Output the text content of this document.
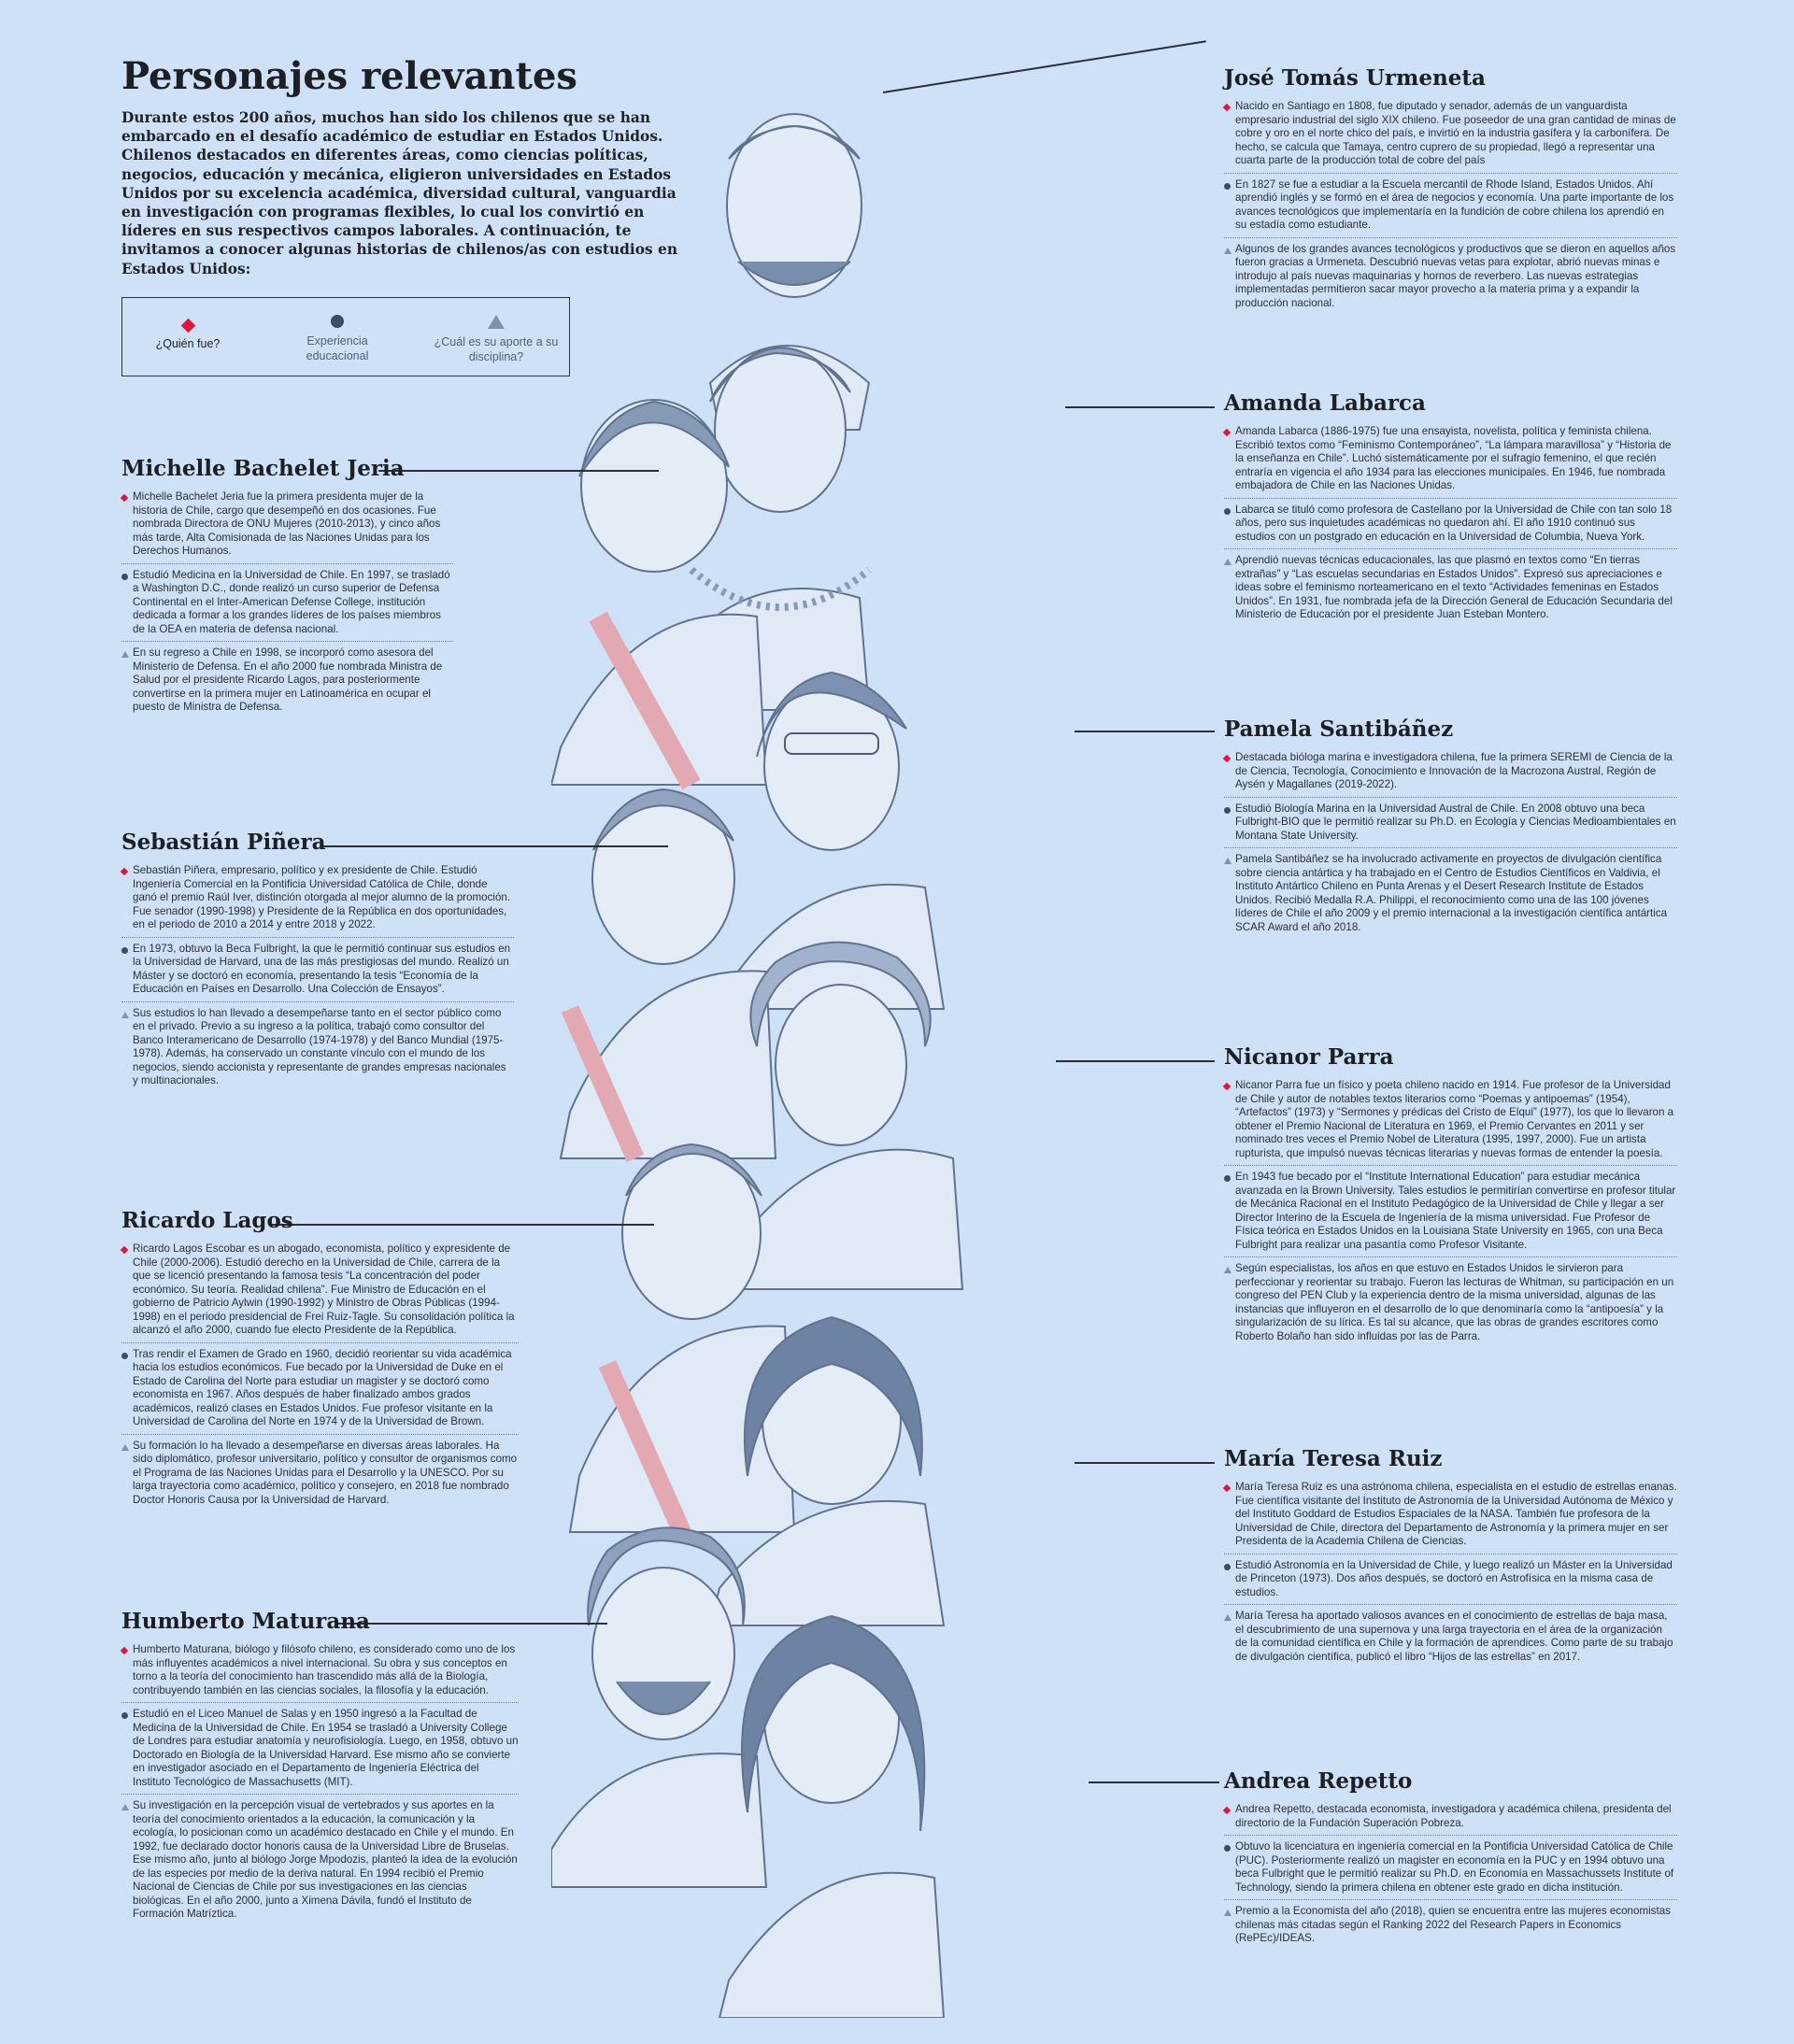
Personajes relevantes

Durante estos 200 años, muchos han sido los chilenos que se han embarcado en el desafío académico de estudiar en Estados Unidos. Chilenos destacados en diferentes áreas, como ciencias políticas, negocios, educación y mecánica, eligieron universidades en Estados Unidos por su excelencia académica, diversidad cultural, vanguardia en investigación con programas flexibles, lo cual los convirtió en líderes en sus respectivos campos laborales. A continuación, te invitamos a conocer algunas historias de chilenos/as con estudios en Estados Unidos:

¿Quién fue?	Experiencia educacional
¿Cuál es su aporte a su disciplina?
José Tomás Urmeneta

Nacido en Santiago en 1808, fue diputado y senador, además de un vanguardista empresario industrial del siglo XIX chileno. Fue poseedor de una gran cantidad de minas de cobre y oro en el norte chico del país, e invirtió en la industria gasífera y la carbonífera. De hecho, se calcula que Tamaya, centro cuprero de su propiedad, llegó a representar una cuarta parte de la producción total de cobre del país

En 1827 se fue a estudiar a la Escuela mercantil de Rhode Island, Estados Unidos. Ahí aprendió inglés y se formó en el área de negocios y economía. Una parte importante de los avances tecnológicos que implementaría en la fundición de cobre chilena los aprendió en su estadía como estudiante.

Algunos de los grandes avances tecnológicos y productivos que se dieron en aquellos años fueron gracias a Urmeneta. Descubrió nuevas vetas para explotar, abrió nuevas minas e introdujo al país nuevas maquinarias y hornos de reverbero. Las nuevas estrategias implementadas permitieron sacar mayor provecho a la materia prima y a expandir la producción nacional.

Amanda Labarca

Amanda Labarca (1886-1975) fue una ensayista, novelista, política y feminista chilena. Escribió textos como “Feminismo Contemporáneo”, “La lámpara maravillosa” y “Historia de la enseñanza en Chile”. Luchó sistemáticamente por el sufragio femenino, el que recién entraría en vigencia el año 1934 para las elecciones municipales. En 1946, fue nombrada embajadora de Chile en las Naciones Unidas.

Labarca se tituló como profesora de Castellano por la Universidad de Chile con tan solo 18 años, pero sus inquietudes académicas no quedaron ahí. El año 1910 continuó sus estudios con un postgrado en educación en la Universidad de Columbia, Nueva York.

Aprendió nuevas técnicas educacionales, las que plasmó en textos como “En tierras extrañas” y “Las escuelas secundarias en Estados Unidos”. Expresó sus apreciaciones e ideas sobre el feminismo norteamericano en el texto “Actividades femeninas en Estados Unidos”. En 1931, fue nombrada jefa de la Dirección General de Educación Secundaria del Ministerio de Educación por el presidente Juan Esteban Montero.

Michelle Bachelet Jeria

Michelle Bachelet Jeria fue la primera presidenta mujer de la historia de Chile, cargo que desempeñó en dos ocasiones. Fue nombrada Directora de ONU Mujeres (2010-2013), y cinco años más tarde, Alta Comisionada de las Naciones Unidas para los Derechos Humanos.

Estudió Medicina en la Universidad de Chile. En 1997, se trasladó a Washington D.C., donde realizó un curso superior de Defensa Continental en el Inter-American Defense College, institución dedicada a formar a los grandes líderes de los países miembros de la OEA en materia de defensa nacional.

En su regreso a Chile en 1998, se incorporó como asesora del Ministerio de Defensa. En el año 2000 fue nombrada Ministra de Salud por el presidente Ricardo Lagos, para posteriormente convertirse en la primera mujer en Latinoamérica en ocupar el puesto de Ministra de Defensa.

Pamela Santibáñez

Destacada bióloga marina e investigadora chilena, fue la primera SEREMI de Ciencia de la de Ciencia, Tecnología, Conocimiento e Innovación de la Macrozona Austral, Región de Aysén y Magallanes (2019-2022).

Estudió Biología Marina en la Universidad Austral de Chile. En 2008 obtuvo una beca Fulbright-BIO que le permitió realizar su Ph.D. en Ecología y Ciencias Medioambientales en Montana State University.

Pamela Santibáñez se ha involucrado activamente en proyectos de divulgación científica sobre ciencia antártica y ha trabajado en el Centro de Estudios Científicos en Valdivia, el Instituto Antártico Chileno en Punta Arenas y el Desert Research Institute de Estados Unidos. Recibió Medalla R.A. Philippi, el reconocimiento como una de las 100 jóvenes líderes de Chile el año 2009 y el premio internacional a la investigación científica antártica SCAR Award el año 2018.

Sebastián Piñera

Sebastián Piñera, empresario, político y ex presidente de Chile. Estudió Ingeniería Comercial en la Pontificia Universidad Católica de Chile, donde ganó el premio Raúl Iver, distinción otorgada al mejor alumno de la promoción. Fue senador (1990-1998) y Presidente de la República en dos oportunidades, en el periodo de 2010 a 2014 y entre 2018 y 2022.

En 1973, obtuvo la Beca Fulbright, la que le permitió continuar sus estudios en la Universidad de Harvard, una de las más prestigiosas del mundo. Realizó un Máster y se doctoró en economía, presentando la tesis “Economía de la Educación en Países en Desarrollo. Una Colección de Ensayos”.

Sus estudios lo han llevado a desempeñarse tanto en el sector público como en el privado. Previo a su ingreso a la política, trabajó como consultor del Banco Interamericano de Desarrollo (1974-1978) y del Banco Mundial (1975-1978). Además, ha conservado un constante vínculo con el mundo de los negocios, siendo accionista y representante de grandes empresas nacionales y multinacionales.

Nicanor Parra

Nicanor Parra fue un físico y poeta chileno nacido en 1914. Fue profesor de la Universidad de Chile y autor de notables textos literarios como “Poemas y antipoemas” (1954), “Artefactos” (1973) y “Sermones y prédicas del Cristo de Elqui” (1977), los que lo llevaron a obtener el Premio Nacional de Literatura en 1969, el Premio Cervantes en 2011 y ser nominado tres veces el Premio Nobel de Literatura (1995, 1997, 2000). Fue un artista rupturista, que impulsó nuevas técnicas literarias y nuevas formas de entender la poesía.

En 1943 fue becado por el “Institute International Education” para estudiar mecánica avanzada en la Brown University. Tales estudios le permitirían convertirse en profesor titular de Mecánica Racional en el Instituto Pedagógico de la Universidad de Chile y llegar a ser Director Interino de la Escuela de Ingeniería de la misma universidad. Fue Profesor de Física teórica en Estados Unidos en la Louisiana State University en 1965, con una Beca Fulbright para realizar una pasantía como Profesor Visitante.

Según especialistas, los años en que estuvo en Estados Unidos le sirvieron para perfeccionar y reorientar su trabajo. Fueron las lecturas de Whitman, su participación en un congreso del PEN Club y la experiencia dentro de la misma universidad, algunas de las instancias que influyeron en el desarrollo de lo que denominaría como la “antipoesía” y la singularización de su lírica. Es tal su alcance, que las obras de grandes escritores como Roberto Bolaño han sido influidas por las de Parra.

Ricardo Lagos

Ricardo Lagos Escobar es un abogado, economista, político y expresidente de Chile (2000-2006). Estudió derecho en la Universidad de Chile, carrera de la que se licenció presentando la famosa tesis “La concentración del poder económico. Su teoría. Realidad chilena”. Fue Ministro de Educación en el gobierno de Patricio Aylwin (1990-1992) y Ministro de Obras Públicas (1994-1998) en el periodo presidencial de Frei Ruiz-Tagle. Su consolidación política la alcanzó el año 2000, cuando fue electo Presidente de la República.

Tras rendir el Examen de Grado en 1960, decidió reorientar su vida académica hacia los estudios económicos. Fue becado por la Universidad de Duke en el Estado de Carolina del Norte para estudiar un magister y se doctoró como economista en 1967. Años después de haber finalizado ambos grados académicos, realizó clases en Estados Unidos. Fue profesor visitante en la Universidad de Carolina del Norte en 1974 y de la Universidad de Brown.

Su formación lo ha llevado a desempeñarse en diversas áreas laborales. Ha sido diplomático, profesor universitario, político y consultor de organismos como el Programa de las Naciones Unidas para el Desarrollo y la UNESCO. Por su larga trayectoria como académico, político y consejero, en 2018 fue nombrado Doctor Honoris Causa por la Universidad de Harvard.

María Teresa Ruiz

María Teresa Ruiz es una astrónoma chilena, especialista en el estudio de estrellas enanas. Fue científica visitante del Instituto de Astronomía de la Universidad Autónoma de México y del Instituto Goddard de Estudios Espaciales de la NASA. También fue profesora de la Universidad de Chile, directora del Departamento de Astronomía y la primera mujer en ser Presidenta de la Academia Chilena de Ciencias.

Estudió Astronomía en la Universidad de Chile, y luego realizó un Máster en la Universidad de Princeton (1973). Dos años después, se doctoró en Astrofísica en la misma casa de estudios.

María Teresa ha aportado valiosos avances en el conocimiento de estrellas de baja masa, el descubrimiento de una supernova y una larga trayectoria en el área de la organización de la comunidad científica en Chile y la formación de aprendices. Como parte de su trabajo de divulgación científica, publicó el libro “Hijos de las estrellas” en 2017.

Humberto Maturana

Humberto Maturana, biólogo y filósofo chileno, es considerado como uno de los más influyentes académicos a nivel internacional. Su obra y sus conceptos en torno a la teoría del conocimiento han trascendido más allá de la Biología, contribuyendo también en las ciencias sociales, la filosofía y la educación.

Estudió en el Liceo Manuel de Salas y en 1950 ingresó a la Facultad de Medicina de la Universidad de Chile. En 1954 se trasladó a University College de Londres para estudiar anatomía y neurofisiología. Luego, en 1958, obtuvo un Doctorado en Biología de la Universidad Harvard. Ese mismo año se convierte en investigador asociado en el Departamento de Ingeniería Eléctrica del Instituto Tecnológico de Massachusetts (MIT).

Su investigación en la percepción visual de vertebrados y sus aportes en la teoría del conocimiento orientados a la educación, la comunicación y la ecología, lo posicionan como un académico destacado en Chile y el mundo. En 1992, fue declarado doctor honoris causa de la Universidad Libre de Bruselas. Ese mismo año, junto al biólogo Jorge Mpodozis, planteó la idea de la evolución de las especies por medio de la deriva natural. En 1994 recibió el Premio Nacional de Ciencias de Chile por sus investigaciones en las ciencias biológicas. En el año 2000, junto a Ximena Dávila, fundó el Instituto de Formación Matríztica.

Andrea Repetto

Andrea Repetto, destacada economista, investigadora y académica chilena, presidenta del directorio de la Fundación Superación Pobreza.

Obtuvo la licenciatura en ingeniería comercial en la Pontificia Universidad Católica de Chile (PUC). Posteriormente realizó un magister en economía en la PUC y en 1994 obtuvo una beca Fulbright que le permitió realizar su Ph.D. en Economía en Massachussets Institute of Technology, siendo la primera chilena en obtener este grado en dicha institución.

Premio a la Economista del año (2018), quien se encuentra entre las mujeres economistas chilenas más citadas según el Ranking 2022 del Research Papers in Economics (RePEc)/IDEAS.
